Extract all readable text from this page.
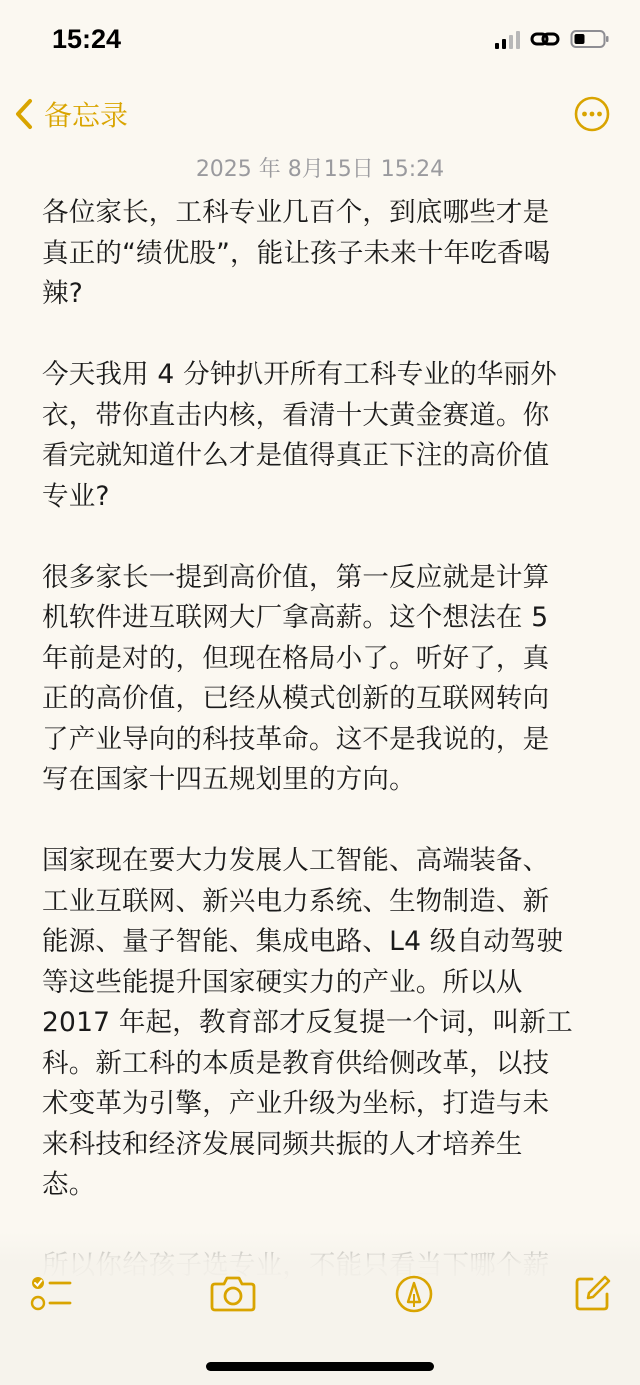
15:24
备忘录
2025 年 8月15日 15:24

各位家长，工科专业几百个，到底哪些才是

真正的“绩优股”，能让孩子未来十年吃香喝

辣?

今天我用 4 分钟扒开所有工科专业的华丽外

衣，带你直击内核，看清十大黄金赛道。你

看完就知道什么才是值得真正下注的高价值

专业?

很多家长一提到高价值，第一反应就是计算

机软件进互联网大厂拿高薪。这个想法在 5

年前是对的，但现在格局小了。听好了，真

正的高价值，已经从模式创新的互联网转向

了产业导向的科技革命。这不是我说的，是

写在国家十四五规划里的方向。

国家现在要大力发展人工智能、高端装备、

工业互联网、新兴电力系统、生物制造、新

能源、量子智能、集成电路、L4 级自动驾驶

等这些能提升国家硬实力的产业。所以从

2017 年起，教育部才反复提一个词，叫新工

科。新工科的本质是教育供给侧改革，以技

术变革为引擎，产业升级为坐标，打造与未

来科技和经济发展同频共振的人才培养生

态。
